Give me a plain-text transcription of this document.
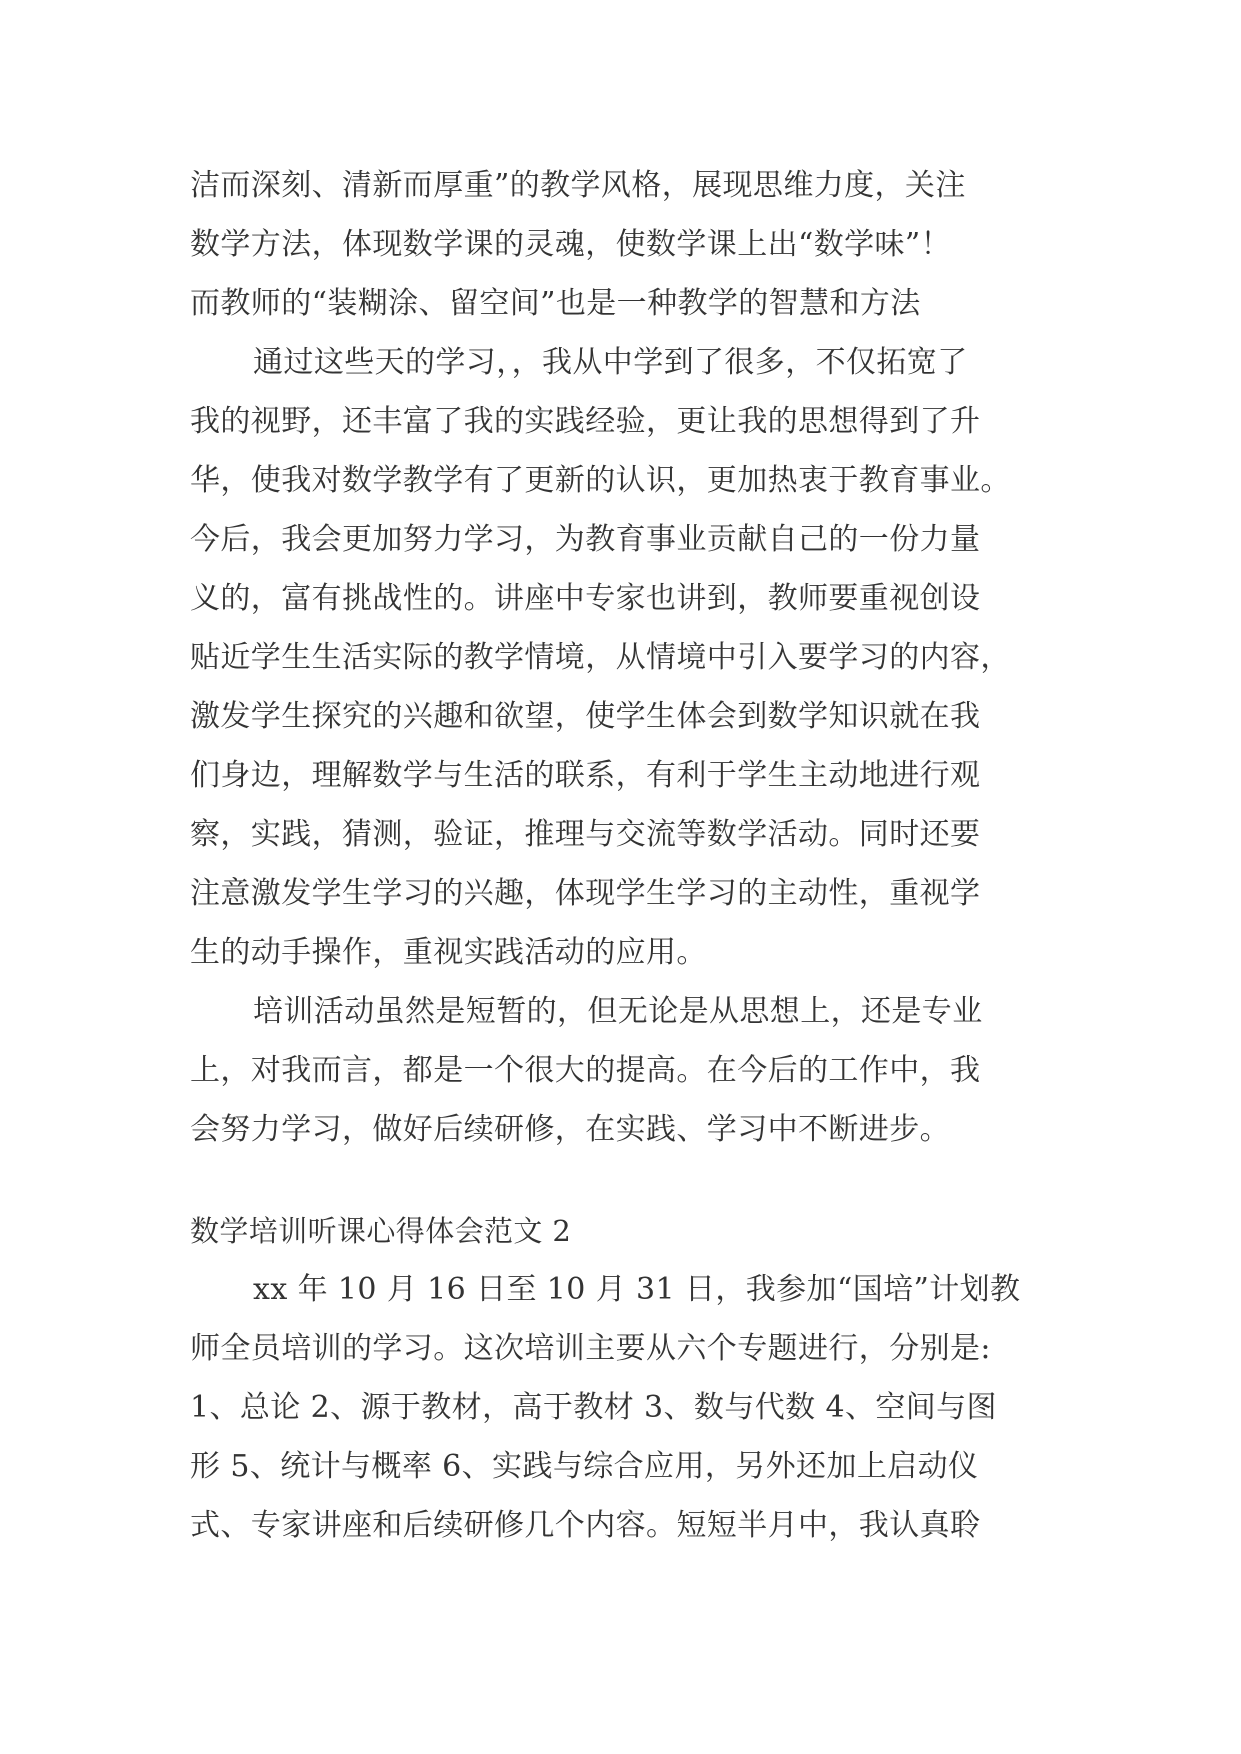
洁而深刻、清新而厚重”的教学风格，展现思维力度，关注
数学方法，体现数学课的灵魂，使数学课上出“数学味”！
而教师的“装糊涂、留空间”也是一种教学的智慧和方法
通过这些天的学习，，我从中学到了很多，不仅拓宽了
我的视野，还丰富了我的实践经验，更让我的思想得到了升
华，使我对数学教学有了更新的认识，更加热衷于教育事业。
今后，我会更加努力学习，为教育事业贡献自己的一份力量
义的，富有挑战性的。讲座中专家也讲到，教师要重视创设
贴近学生生活实际的教学情境，从情境中引入要学习的内容，
激发学生探究的兴趣和欲望，使学生体会到数学知识就在我
们身边，理解数学与生活的联系，有利于学生主动地进行观
察，实践，猜测，验证，推理与交流等数学活动。同时还要
注意激发学生学习的兴趣，体现学生学习的主动性，重视学
生的动手操作，重视实践活动的应用。
培训活动虽然是短暂的，但无论是从思想上，还是专业
上，对我而言，都是一个很大的提高。在今后的工作中，我
会努力学习，做好后续研修，在实践、学习中不断进步。
数学培训听课心得体会范文 2
xx 年 10 月 16 日至 10 月 31 日，我参加“国培”计划教
师全员培训的学习。这次培训主要从六个专题进行，分别是:
1、总论 2、源于教材，高于教材 3、数与代数 4、空间与图
形 5、统计与概率 6、实践与综合应用，另外还加上启动仪
式、专家讲座和后续研修几个内容。短短半月中，我认真聆
